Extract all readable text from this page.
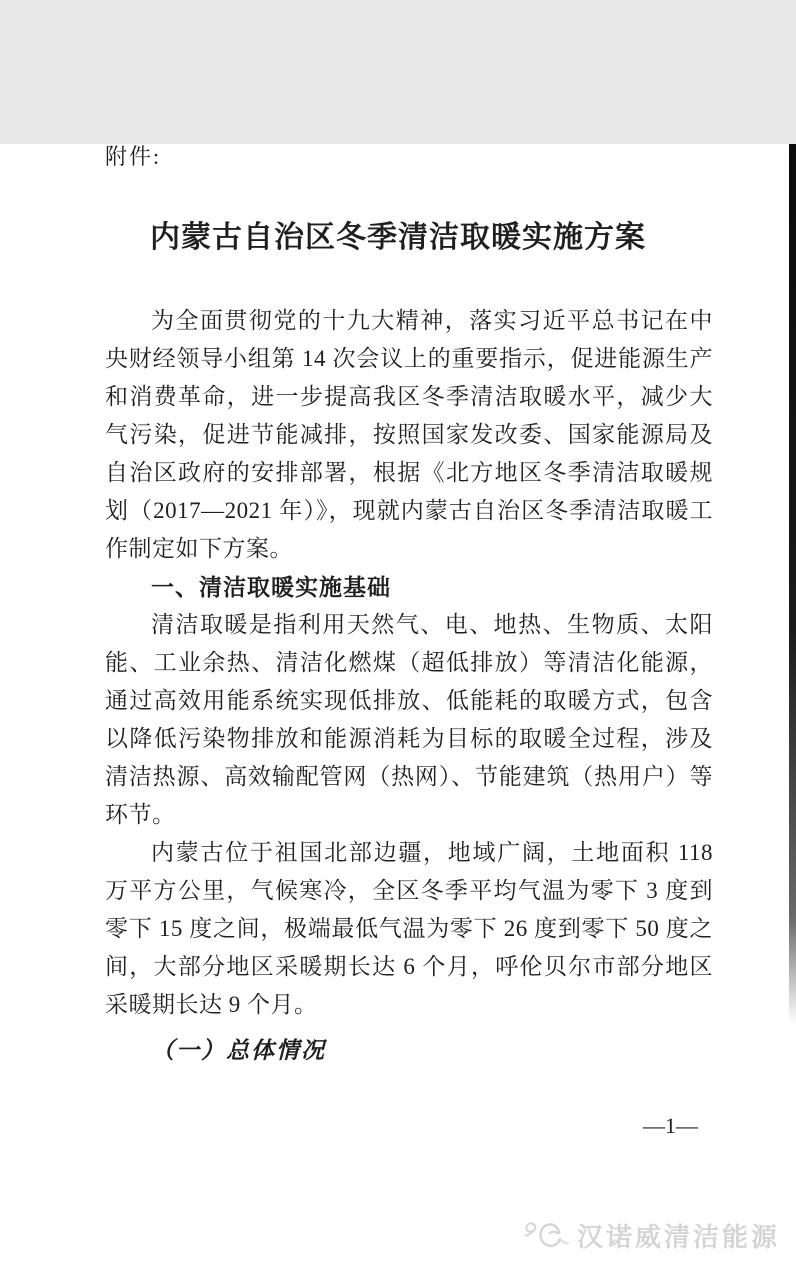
附件:
内蒙古自治区冬季清洁取暖实施方案

为全面贯彻党的十九大精神，落实习近平总书记在中央财经领导小组第 14 次会议上的重要指示，促进能源生产和消费革命，进一步提高我区冬季清洁取暖水平，减少大气污染，促进节能减排，按照国家发改委、国家能源局及自治区政府的安排部署，根据《北方地区冬季清洁取暖规划（2017—2021 年）》，现就内蒙古自治区冬季清洁取暖工作制定如下方案。

一、清洁取暖实施基础

清洁取暖是指利用天然气、电、地热、生物质、太阳能、工业余热、清洁化燃煤（超低排放）等清洁化能源，通过高效用能系统实现低排放、低能耗的取暖方式，包含以降低污染物排放和能源消耗为目标的取暖全过程，涉及清洁热源、高效输配管网（热网）、节能建筑（热用户）等环节。

内蒙古位于祖国北部边疆，地域广阔，土地面积 118 万平方公里，气候寒冷，全区冬季平均气温为零下 3 度到零下 15 度之间，极端最低气温为零下 26 度到零下 50 度之间，大部分地区采暖期长达 6 个月，呼伦贝尔市部分地区采暖期长达 9 个月。

（一）总体情况

—1—
汉诺威清洁能源
